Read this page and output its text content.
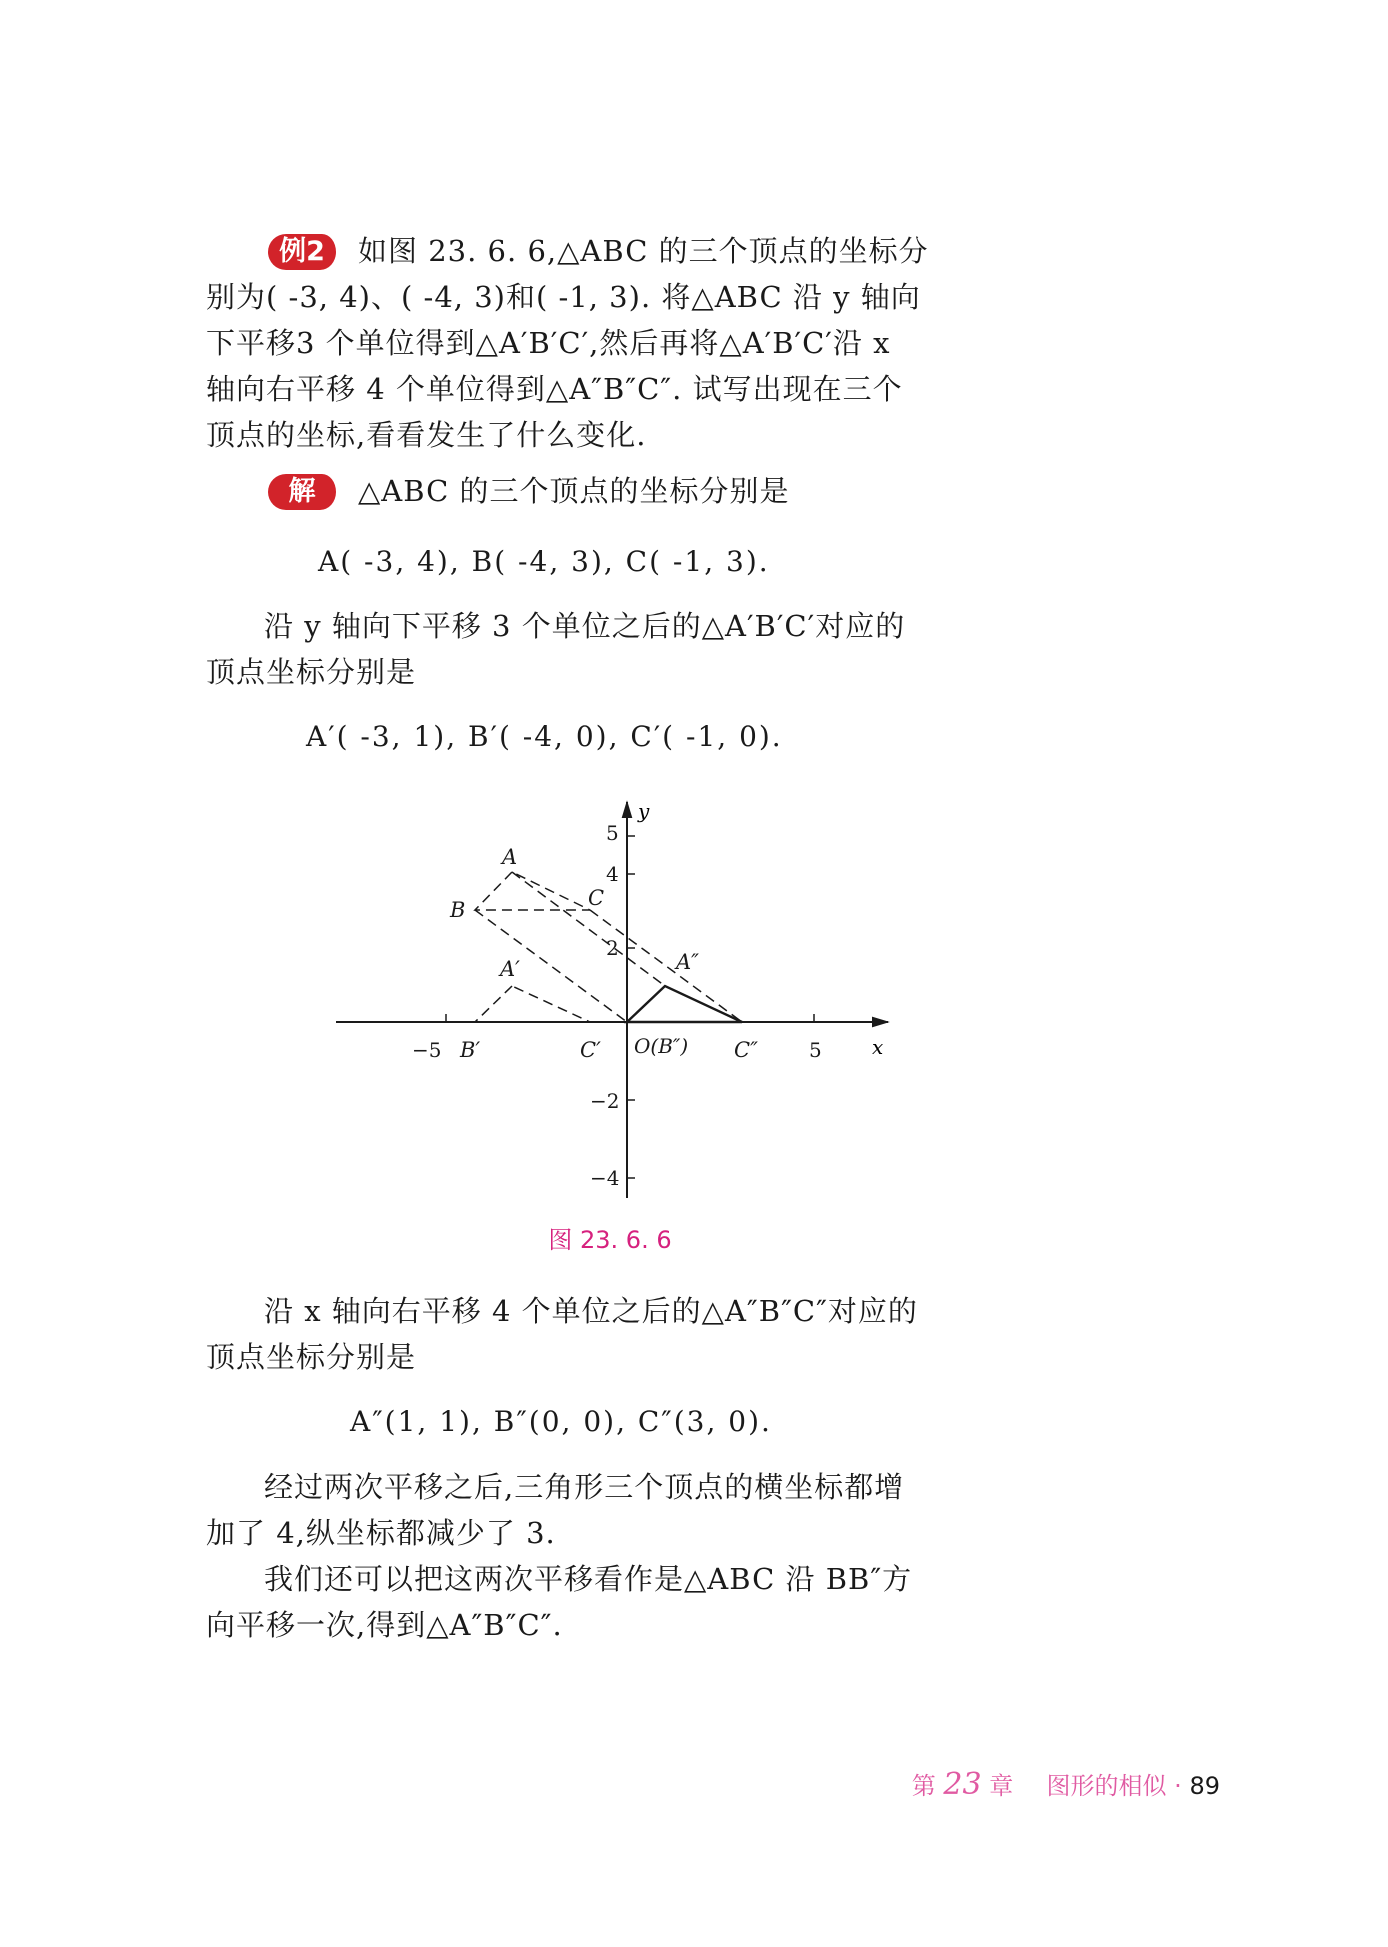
例2	如图 23. 6. 6,△ABC 的三个顶点的坐标分别为( -3, 4)、( -4, 3)和( -1, 3). 将△ABC 沿 y 轴向下平移3 个单位得到△A′B′C′,然后再将△A′B′C′沿 x 轴向右平移 4 个单位得到△A″B″C″. 试写出现在三个顶点的坐标,看看发生了什么变化.
解	△ABC 的三个顶点的坐标分别是
A( -3, 4), B( -4, 3), C( -1, 3).
沿 y 轴向下平移 3 个单位之后的△A′B′C′对应的顶点坐标分别是
A′( -3, 1), B′( -4, 0), C′( -1, 0).
−5	5
5
4
2
−2
−4
x
y
A
B	C
A′
B′	C′
A″
O(B″) C″
图 23. 6. 6
沿 x 轴向右平移 4 个单位之后的△A″B″C″对应的顶点坐标分别是
A″(1, 1), B″(0, 0), C″(3, 0).
经过两次平移之后,三角形三个顶点的横坐标都增加了 4,纵坐标都减少了 3.
我们还可以把这两次平移看作是△ABC 沿 BB″方向平移一次,得到△A″B″C″.
第 23 章 图形的相似 · 89
